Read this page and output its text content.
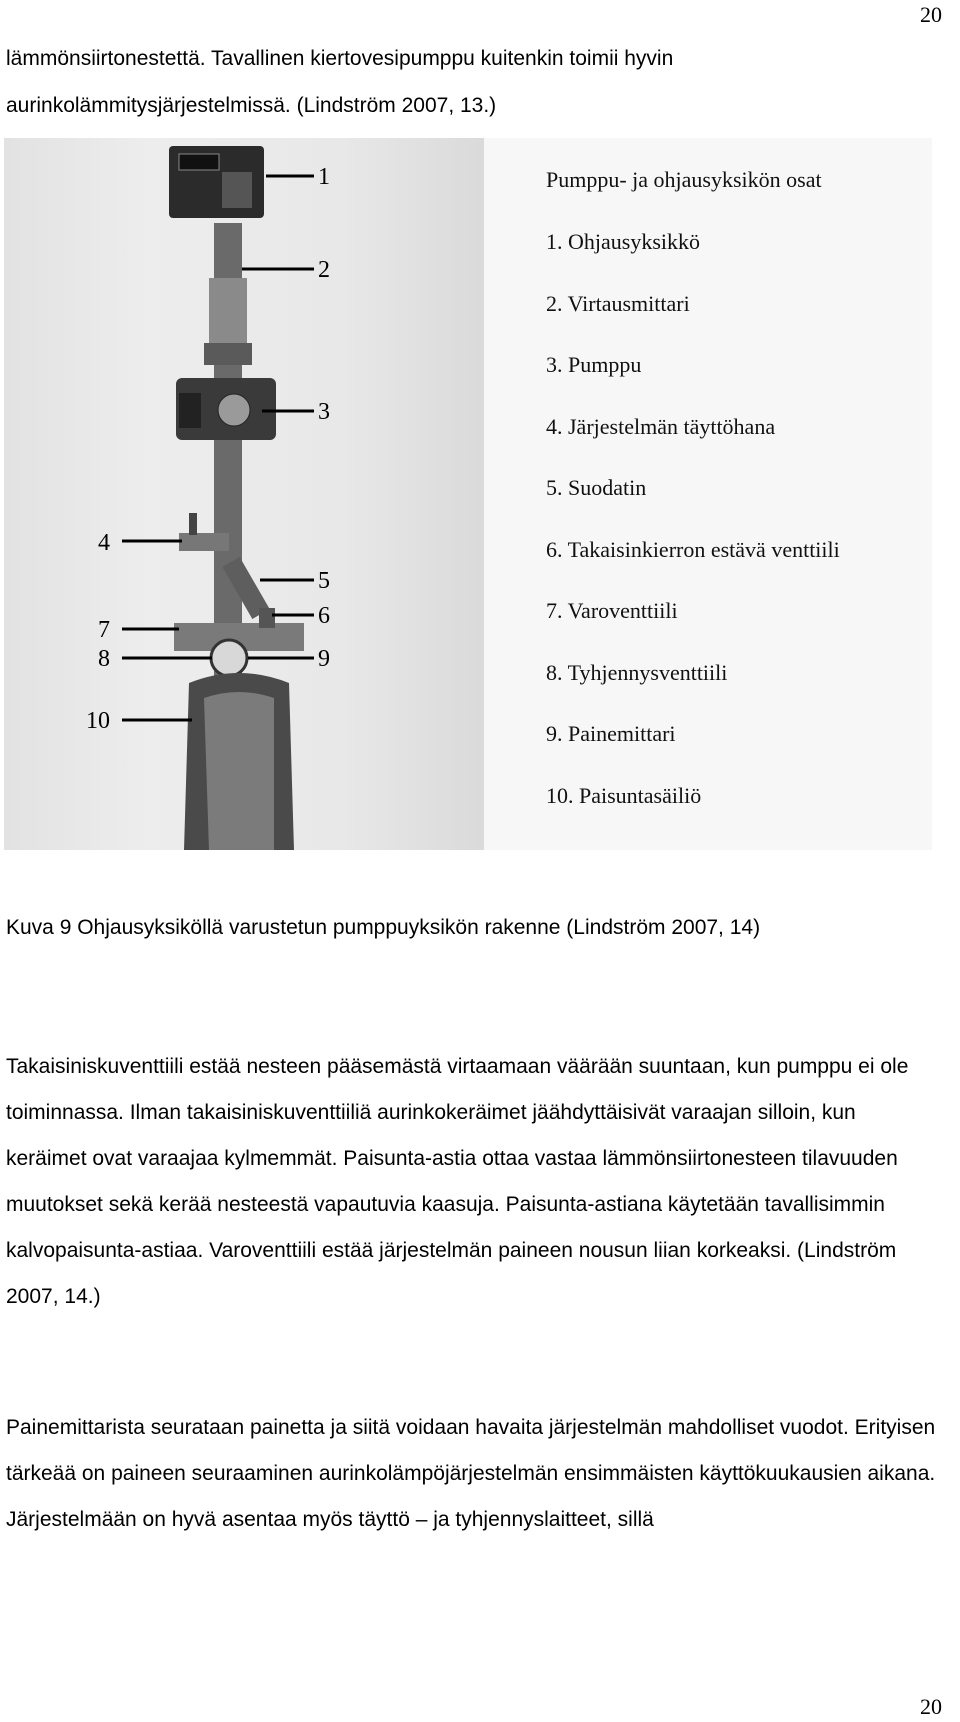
20

lämmönsiirtonestettä. Tavallinen kiertovesipumppu kuitenkin toimii hyvin aurinkolämmitysjärjestelmissä. (Lindström 2007, 13.)

1
2
3
4
5
6
7
8	9
10
Pumppu- ja ohjausyksikön osat
1. Ohjausyksikkö
2. Virtausmittari
3. Pumppu
4. Järjestelmän täyttöhana
5. Suodatin
6. Takaisinkierron estävä venttiili
7. Varoventtiili
8. Tyhjennysventtiili
9. Painemittari
10. Paisuntasäiliö

Kuva 9 Ohjausyksiköllä varustetun pumppuyksikön rakenne (Lindström 2007, 14)

Takaisiniskuventtiili estää nesteen pääsemästä virtaamaan väärään suuntaan, kun pumppu ei ole toiminnassa. Ilman takaisiniskuventtiiliä aurinkokeräimet jäähdyttäisivät varaajan silloin, kun keräimet ovat varaajaa kylmemmät. Paisunta-astia ottaa vastaa lämmönsiirtonesteen tilavuuden muutokset sekä kerää nesteestä vapautuvia kaasuja. Paisunta-astiana käytetään tavallisimmin kalvopaisunta-astiaa. Varoventtiili estää järjestelmän paineen nousun liian korkeaksi. (Lindström 2007, 14.)

Painemittarista seurataan painetta ja siitä voidaan havaita järjestelmän mahdolliset vuodot. Erityisen tärkeää on paineen seuraaminen aurinkolämpöjärjestelmän ensimmäisten käyttökuukausien aikana. Järjestelmään on hyvä asentaa myös täyttö – ja tyhjennyslaitteet, sillä

20
